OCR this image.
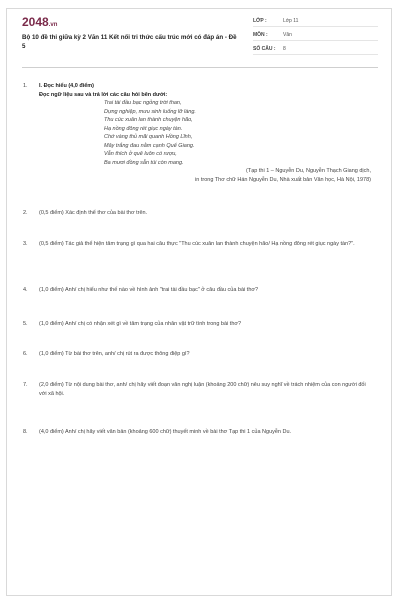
2048.vn
Bộ 10 đề thi giữa kỳ 2 Văn 11 Kết nối tri thức cấu trúc mới có đáp án - Đề 5
LỚP :	Lớp 11
MÔN :	Văn
SỐ CÂU :	8
1. I. Đọc hiểu (4,0 điểm)
Đọc ngữ liệu sau và trả lời các câu hỏi bên dưới:
Trai tài đầu bạc ngỏng trời than,
Dựng nghiệp, mưu sinh luống lỡ làng.
Thu cúc xuân lan thành chuyện hão,
Hạ nồng đông rét giục ngày tàn.
Chớ vàng thủ mãi quanh Hồng Lĩnh,
Mây trắng đau nằm cạnh Quế Giang.
Vẫn thích ở quê luôn có rượu,
Ba mươi đồng sẵn túi còn mang.
(Tạp thi 1 – Nguyễn Du, Nguyễn Thạch Giang dịch,
in trong Thơ chữ Hán Nguyễn Du, Nhà xuất bản Văn học, Hà Nội, 1978)
2. (0,5 điểm) Xác định thể thơ của bài thơ trên.
3. (0,5 điểm) Tác giả thể hiện tâm trạng gì qua hai câu thực "Thu cúc xuân lan thành chuyện hão/ Hạ nồng đông rét giục ngày tàn?".
4. (1,0 điểm) Anh/ chị hiểu như thế nào về hình ảnh "trai tài đầu bạc" ở câu đầu của bài thơ?
5. (1,0 điểm) Anh/ chị có nhận xét gì về tâm trạng của nhân vật trữ tình trong bài thơ?
6. (1,0 điểm) Từ bài thơ trên, anh/ chị rút ra được thông điệp gì?
7. (2,0 điểm) Từ nội dung bài thơ, anh/ chị hãy viết đoạn văn nghị luận (khoảng 200 chữ) nêu suy nghĩ về trách nhiệm của con người đối với xã hội.
8. (4,0 điểm) Anh/ chị hãy viết văn bản (khoảng 600 chữ) thuyết minh về bài thơ Tạp thi 1 của Nguyễn Du.
